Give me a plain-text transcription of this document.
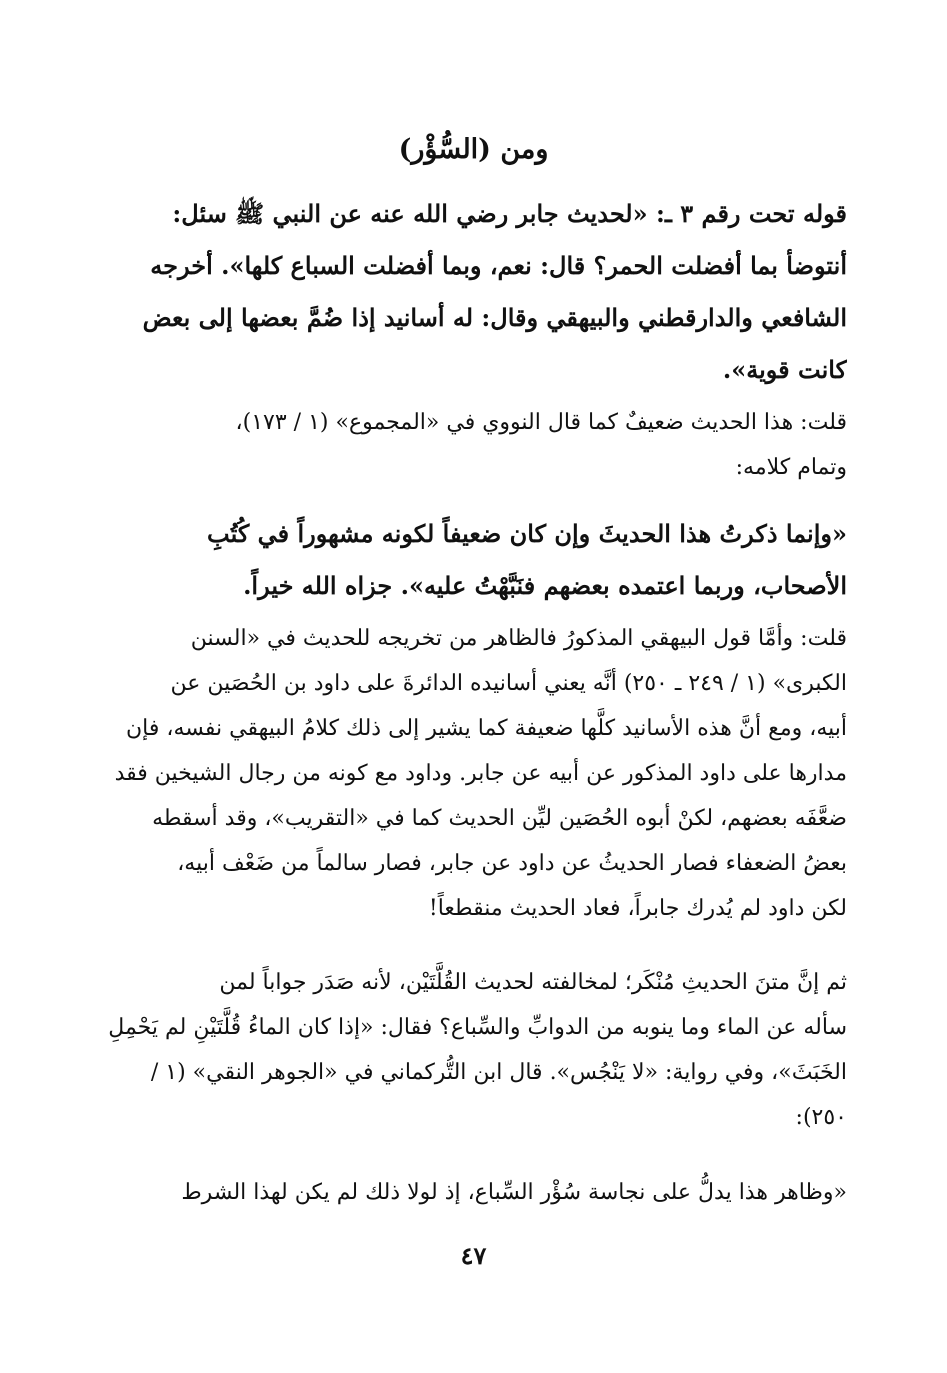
ومن (السُّؤْر)
قوله تحت رقم ٣ ـ: «لحديث جابر رضي الله عنه عن النبي ﷺ سئل:
أنتوضأ بما أفضلت الحمر؟ قال: نعم، وبما أفضلت السباع كلها». أخرجه
الشافعي والدارقطني والبيهقي وقال: له أسانيد إذا ضُمَّ بعضها إلى بعض
كانت قوية».
قلت: هذا الحديث ضعيفٌ كما قال النووي في «المجموع» (١ / ١٧٣)،
وتمام كلامه:
«وإنما ذكرتُ هذا الحديثَ وإن كان ضعيفاً لكونه مشهوراً في كُتُبِ
الأصحاب، وربما اعتمده بعضهم فنَبَّهْتُ عليه». جزاه الله خيراً.
قلت: وأمَّا قول البيهقي المذكورُ فالظاهر من تخريجه للحديث في «السنن
الكبرى» (١ / ٢٤٩ ـ ٢٥٠) أنَّه يعني أسانيده الدائرةَ على داود بن الحُصَين عن
أبيه، ومع أنَّ هذه الأسانيد كلَّها ضعيفة كما يشير إلى ذلك كلامُ البيهقي نفسه، فإن
مدارها على داود المذكور عن أبيه عن جابر. وداود مع كونه من رجال الشيخين فقد
ضعَّفَه بعضهم، لكنْ أبوه الحُصَين ليِّن الحديث كما في «التقريب»، وقد أسقطه
بعضُ الضعفاء فصار الحديثُ عن داود عن جابر، فصار سالماً من ضَعْف أبيه،
لكن داود لم يُدرك جابراً، فعاد الحديث منقطعاً!
ثم إنَّ متنَ الحديثِ مُنْكَر؛ لمخالفته لحديث القُلَّتَيْن، لأنه صَدَر جواباً لمن
سأله عن الماء وما ينوبه من الدوابِّ والسِّباع؟ فقال: «إذا كان الماءُ قُلَّتَيْنِ لم يَحْمِلِ
الخَبَثَ»، وفي رواية: «لا يَنْجُس». قال ابن التُّركماني في «الجوهر النقي» (١ /
٢٥٠):
«وظاهر هذا يدلُّ على نجاسة سُؤْر السِّباع، إذ لولا ذلك لم يكن لهذا الشرط
٤٧
